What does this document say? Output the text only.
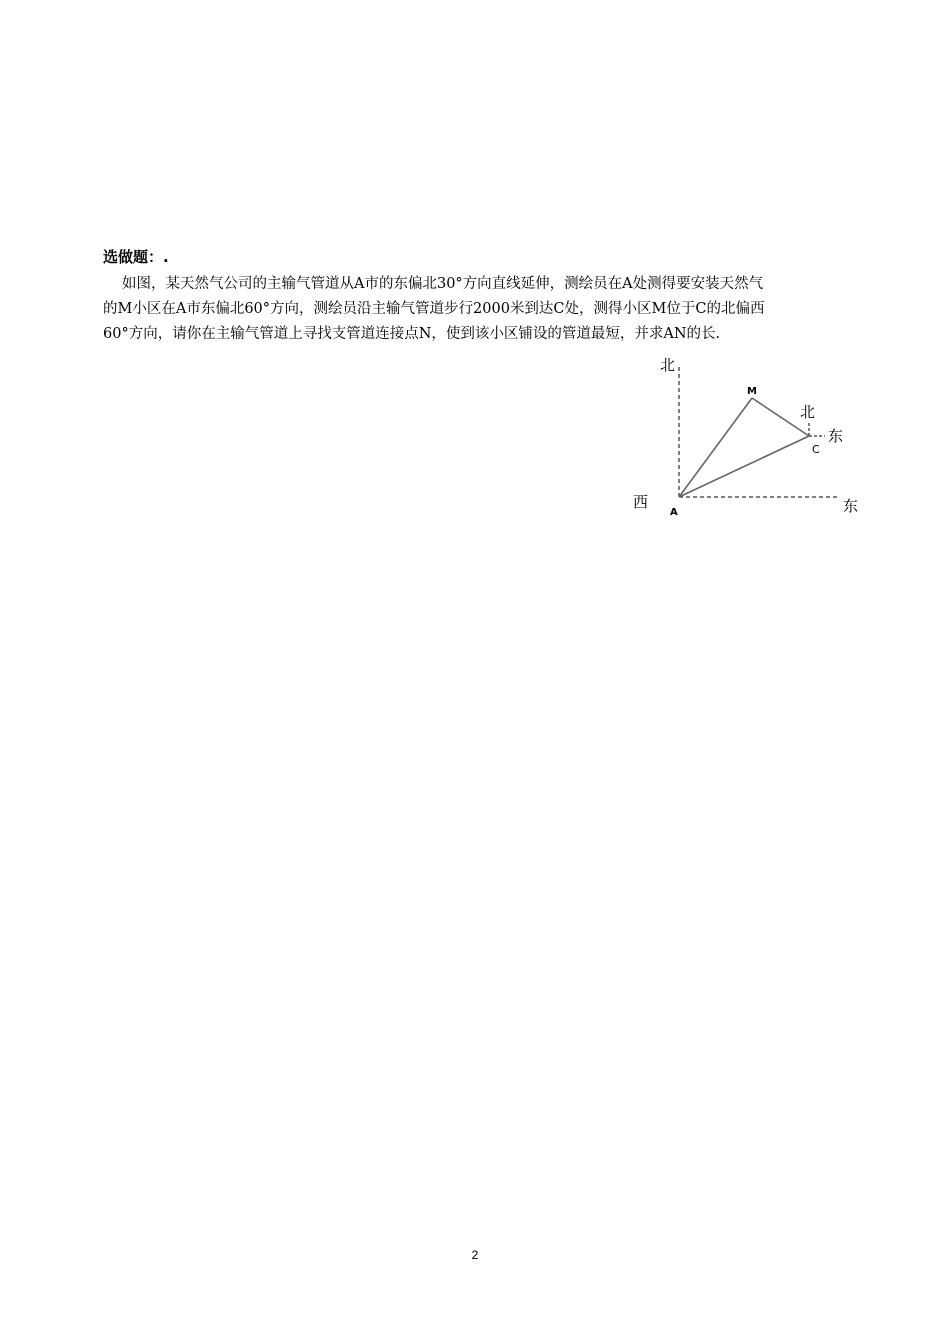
选做题：.

如图，某天然气公司的主输气管道从A市的东偏北30°方向直线延伸，测绘员在A处测得要安装天然气

的M小区在A市东偏北60°方向，测绘员沿主输气管道步行2000米到达C处，测得小区M位于C的北偏西

60°方向，请你在主输气管道上寻找支管道连接点N，使到该小区铺设的管道最短，并求AN的长.

北
西	东
A
M
C
北
东
2
